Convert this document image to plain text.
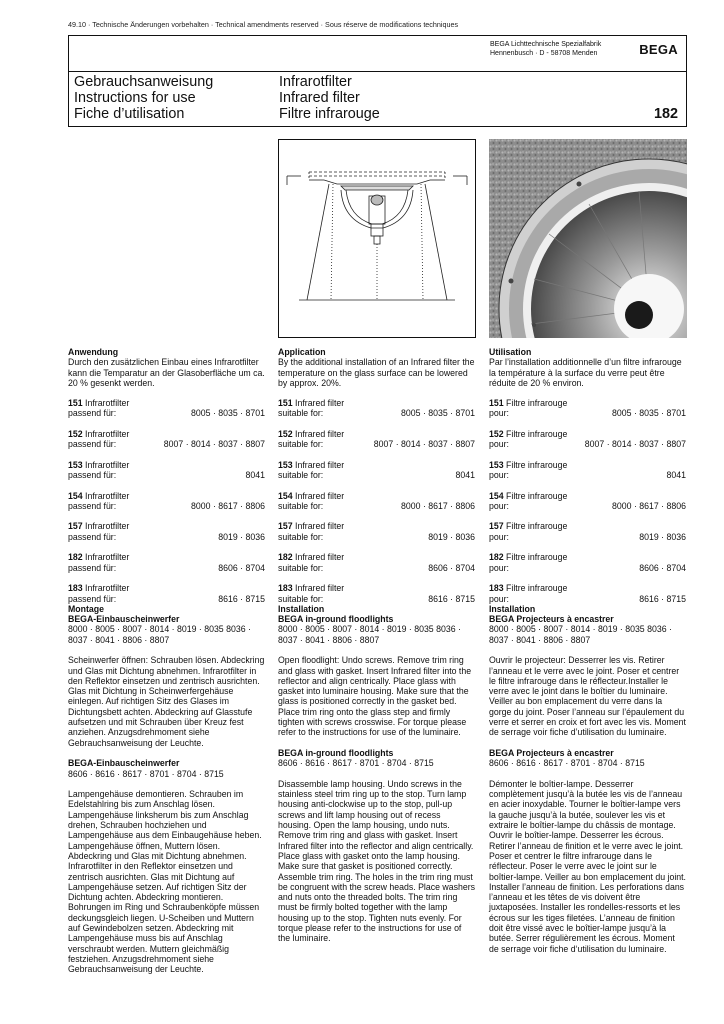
49.10 · Technische Änderungen vorbehalten · Technical amendments reserved · Sous réserve de modifications techniques
BEGA Lichttechnische Spezialfabrik
Hennenbusch · D - 58708 Menden	BEGA
Gebrauchsanweisung
Instructions for use
Fiche d’utilisation
Infrarotfilter
Infrared filter
Filtre infrarouge	182
Anwendung
Durch den zusätzlichen Einbau eines Infrarotfilter kann die Temparatur an der Glasoberfläche um ca. 20 % gesenkt werden.
151 Infrarotfilter
passend für:	8005 · 8035 · 8701
152 Infrarotfilter
passend für:	8007 · 8014 · 8037 · 8807
153 Infrarotfilter
passend für:	8041
154 Infrarotfilter
passend für:	8000 · 8617 · 8806
157 Infrarotfilter
passend für:	8019 · 8036
182 Infrarotfilter
passend für:	8606 · 8704
183 Infrarotfilter
passend für:	8616 · 8715
Montage
BEGA-Einbauscheinwerfer
8000 · 8005 · 8007 · 8014 · 8019 · 8035 8036 · 8037 · 8041 · 8806 · 8807
Scheinwerfer öffnen: Schrauben lösen. Abdeckring und Glas mit Dichtung abnehmen. Infrarotfilter in den Reflektor einsetzen und zentrisch ausrichten. Glas mit Dichtung in Scheinwerfergehäuse einlegen. Auf richtigen Sitz des Glases im Dichtungsbett achten. Abdeckring auf Glasstufe aufsetzen und mit Schrauben über Kreuz fest anziehen. Anzugsdrehmoment siehe Gebrauchsanweisung der Leuchte.
BEGA-Einbauscheinwerfer
8606 · 8616 · 8617 · 8701 · 8704 · 8715
Lampengehäuse demontieren. Schrauben im Edelstahlring bis zum Anschlag lösen. Lampengehäuse linksherum bis zum Anschlag drehen, Schrauben hochziehen und Lampengehäuse aus dem Einbaugehäuse heben. Lampengehäuse öffnen, Muttern lösen. Abdeckring und Glas mit Dichtung abnehmen. Infrarotfilter in den Reflektor einsetzen und zentrisch ausrichten. Glas mit Dichtung auf Lampengehäuse setzen. Auf richtigen Sitz der Dichtung achten. Abdeckring montieren. Bohrungen im Ring und Schraubenköpfe müssen deckungsgleich liegen. U-Scheiben und Muttern auf Gewindebolzen setzen. Abdeckring mit Lampengehäuse muss bis auf Anschlag verschraubt werden. Muttern gleichmäßig festziehen. Anzugsdrehmoment siehe Gebrauchsanweisung der Leuchte.
Application
By the additional installation of an Infrared filter the temperature on the glass surface can be lowered by approx. 20%.
151 Infrared filter
suitable for:	8005 · 8035 · 8701
152 Infrared filter
suitable for:	8007 · 8014 · 8037 · 8807
153 Infrared filter
suitable for:	8041
154 Infrared filter
suitable for:	8000 · 8617 · 8806
157 Infrared filter
suitable for:	8019 · 8036
182 Infrared filter
suitable for:	8606 · 8704
183 Infrared filter
suitable for:	8616 · 8715
Installation
BEGA in-ground floodlights
8000 · 8005 · 8007 · 8014 · 8019 · 8035 8036 · 8037 · 8041 · 8806 · 8807
Open floodlight: Undo screws. Remove trim ring and glass with gasket. Insert Infrared filter into the reflector and align centrically. Place glass with gasket into luminaire housing. Make sure that the glass is positioned correctly in the gasket bed. Place trim ring onto the glass step and firmly tighten with screws crosswise. For torque please refer to the instructions for use of the luminaire.
BEGA in-ground floodlights
8606 · 8616 · 8617 · 8701 · 8704 · 8715
Disassemble lamp housing. Undo screws in the stainless steel trim ring up to the stop. Turn lamp housing anti-clockwise up to the stop, pull-up screws and lift lamp housing out of recess housing. Open the lamp housing, undo nuts. Remove trim ring and glass with gasket. Insert Infrared filter into the reflector and align centrically. Place glass with gasket onto the lamp housing. Make sure that gasket is positioned correctly. Assemble trim ring. The holes in the trim ring must be congruent with the screw heads. Place washers and nuts onto the threaded bolts. The trim ring must be firmly bolted together with the lamp housing up to the stop. Tighten nuts evenly. For torque please refer to the instructions for use of the luminaire.
Utilisation
Par l’installation additionnelle d’un filtre infrarouge la température à la surface du verre peut être réduite de 20 % environ.
151 Filtre infrarouge
pour:	8005 · 8035 · 8701
152 Filtre infrarouge
pour:	8007 · 8014 · 8037 · 8807
153 Filtre infrarouge
pour:	8041
154 Filtre infrarouge
pour:	8000 · 8617 · 8806
157 Filtre infrarouge
pour:	8019 · 8036
182 Filtre infrarouge
pour:	8606 · 8704
183 Filtre infrarouge
pour:	8616 · 8715
Installation
BEGA Projecteurs à encastrer
8000 · 8005 · 8007 · 8014 · 8019 · 8035 8036 · 8037 · 8041 · 8806 · 8807
Ouvrir le projecteur: Desserrer les vis. Retirer l’anneau et le verre avec le joint. Poser et centrer le filtre infrarouge dans le réflecteur.Installer le verre avec le joint dans le boîtier du luminaire. Veiller au bon emplacement du verre dans la gorge du joint. Poser l’anneau sur l’épaulement du verre et serrer en croix et fort avec les vis. Moment de serrage voir fiche d’utilisation du luminaire.
BEGA Projecteurs à encastrer
8606 · 8616 · 8617 · 8701 · 8704 · 8715
Démonter le boîtier-lampe. Desserrer complètement jusqu’à la butée les vis de l’anneau en acier inoxydable. Tourner le boîtier-lampe vers la gauche jusqu’à la butée, soulever les vis et extraire le boîtier-lampe du châssis de montage. Ouvrir le boîtier-lampe. Desserrer les écrous. Retirer l’anneau de finition et le verre avec le joint. Poser et centrer le filtre infrarouge dans le réflecteur. Poser le verre avec le joint sur le boîtier-lampe. Veiller au bon emplacement du joint. Installer l’anneau de finition. Les perforations dans l’anneau et les têtes de vis doivent être juxtaposées. Installer les rondelles-ressorts et les écrous sur les tiges filetées. L’anneau de finition doit être vissé avec le boîtier-lampe jusqu’à la butée. Serrer régulièrement les écrous. Moment de serrage voir fiche d‘utilisation du luminaire.
